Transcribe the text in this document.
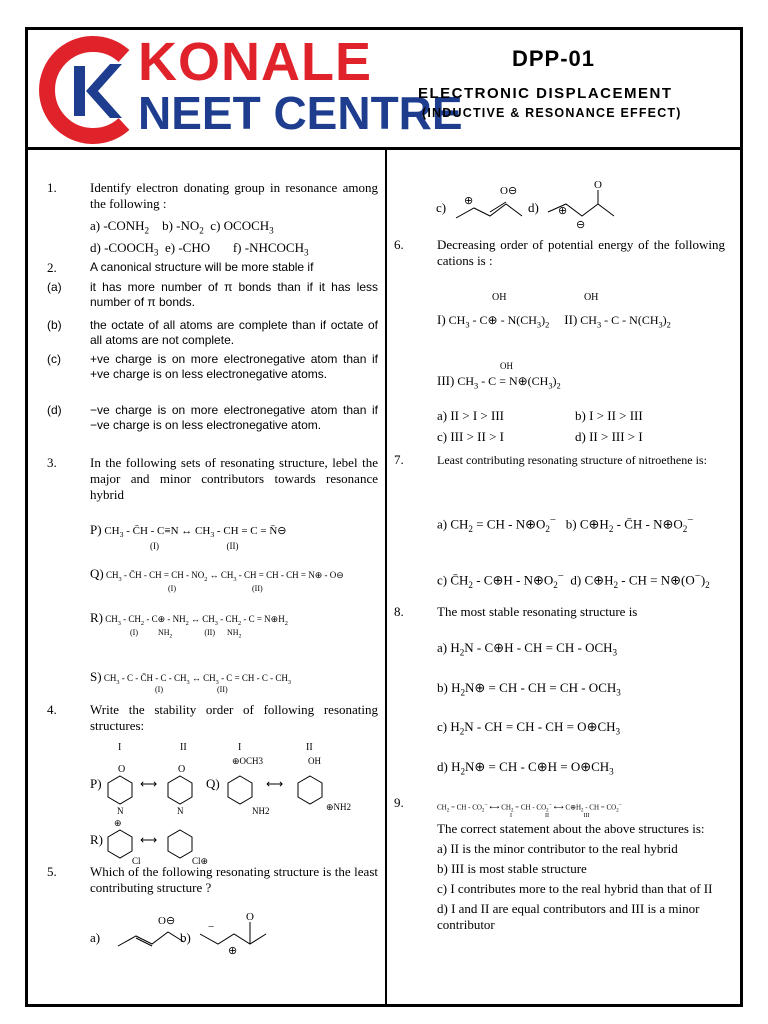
KONALE
NEET CENTRE
DPP-01
ELECTRONIC DISPLACEMENT
(INDUCTIVE & RESONANCE EFFECT)
1.	Identify electron donating group in resonance among the following :
a) $-CONH_2$    b) $-NO_2$  c) $OCOCH_3$
d) $-COOCH_3$  e) -CHO       f) $-NHCOCH_3$
2.	A canonical structure will be more stable if
(a)	it has more number of π bonds than if it has less number of π bonds.
(b)	the octate of all atoms are complete than if octate of all atoms are not complete.
(c)	+ve charge is on more electronegative atom than if +ve charge is on less electronegative atoms.
(d)	−ve charge is on more electronegative atom than if −ve charge is on less electronegative atom.
3.	In the following sets of resonating structure, lebel the major and minor contributors towards resonance hybrid
P) $CH_3$ - C̄H - C≡N ↔ $CH_3$ - CH = C = N̄⊖
(I)                              (II)
Q) $CH_3$ - C̄H - CH = CH - $NO_2$ ↔ $CH_3$ - CH = CH - CH = N⊕ - O⊖
(I)                                      (II)
R) $CH_3 - CH_2$ - C⊕ - $NH_2$ ↔ $CH_3 - CH_2$ - $C = N\oplus H_2$
(I)          $NH_2$                (II)      $NH_2$
S) $CH_3$ - C - C̄H - C - $CH_3$ ↔ $CH_3$ - C = CH - C - $CH_3$
(I)                           (II)
4.	Write the stability order of following resonating structures:
I	II	I	II
P)
O
N
⟷
O
N
Q)
⊕OCH3
NH2
⟷
OH
⊕NH2
R)
Cl
⊕
⟷
Cl⊕
5.	Which of the following resonating structure is the least contributing structure ?
a)
O⊖
b)
O
−
⊕
c)
O⊖
⊕	d)
O
⊕
⊖
6.	Decreasing order of potential energy of the following cations is :
I) $CH_3$ - C⊕ - $N(CH_3)_2$ II) $CH_3$ - C - $N(CH_3)_2$
OH                               OH
III) $CH_3$ - $C = N\oplus(CH_3)_2$
OH
a) II > I > III	b) I > II > III
c) III > II > I	d) II > III > I
7.	Least contributing resonating structure of nitroethene is:
a) $CH_2$ = CH - $N\oplus O_2^-$ b) $C\oplus H_2$ - C̄H - $N\oplus O_2^-$
c) $C̄H_2$ - C⊕H - $N\oplus O_2^-$ d) $C\oplus H_2$ - CH = $N\oplus(O^-)_2$
8.	The most stable resonating structure is
a) $H_2N$ - C⊕H - CH = CH - $OCH_3$
b) $H_2N\oplus$ = CH - CH = CH - $OCH_3$
c) $H_2N$ - CH = CH - CH = $O\oplus CH_3$
d) $H_2N\oplus$ = CH - C⊕H = $O\oplus CH_3$
9.	$CH_2$ = CH - $CO_2^-$ ⟷ $CH_2$ = CH - $CO_2^-$ ⟷ $C\oplus H_2$ - CH = $CO_2^-$
I                      II                       III
The correct statement about the above structures is:
a) II is the minor contributor to the real hybrid
b) III is most stable structure
c) I contributes more to the real hybrid than that of II
d) I and II are equal contributors and III is a minor contributor
